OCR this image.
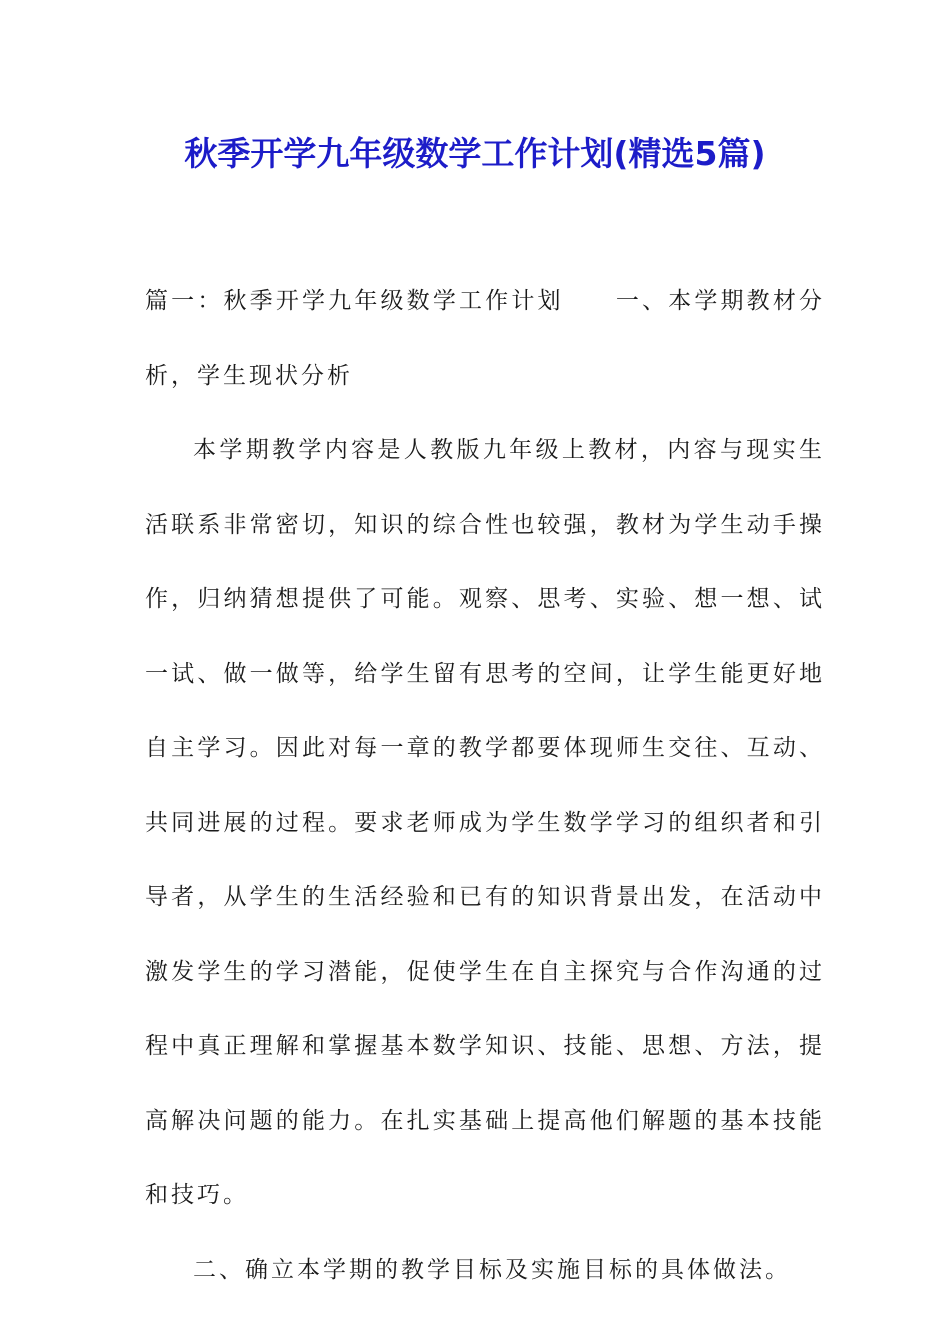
秋季开学九年级数学工作计划(精选5篇)

篇一：秋季开学九年级数学工作计划 一、本学期教材分析，学生现状分析

本学期教学内容是人教版九年级上教材，内容与现实生活联系非常密切，知识的综合性也较强，教材为学生动手操作，归纳猜想提供了可能。观察、思考、实验、想一想、试一试、做一做等，给学生留有思考的空间，让学生能更好地自主学习。因此对每一章的教学都要体现师生交往、互动、共同进展的过程。要求老师成为学生数学学习的组织者和引导者，从学生的生活经验和已有的知识背景出发，在活动中激发学生的学习潜能，促使学生在自主探究与合作沟通的过程中真正理解和掌握基本数学知识、技能、思想、方法，提高解决问题的能力。在扎实基础上提高他们解题的基本技能和技巧。

二、确立本学期的教学目标及实施目标的具体做法。
